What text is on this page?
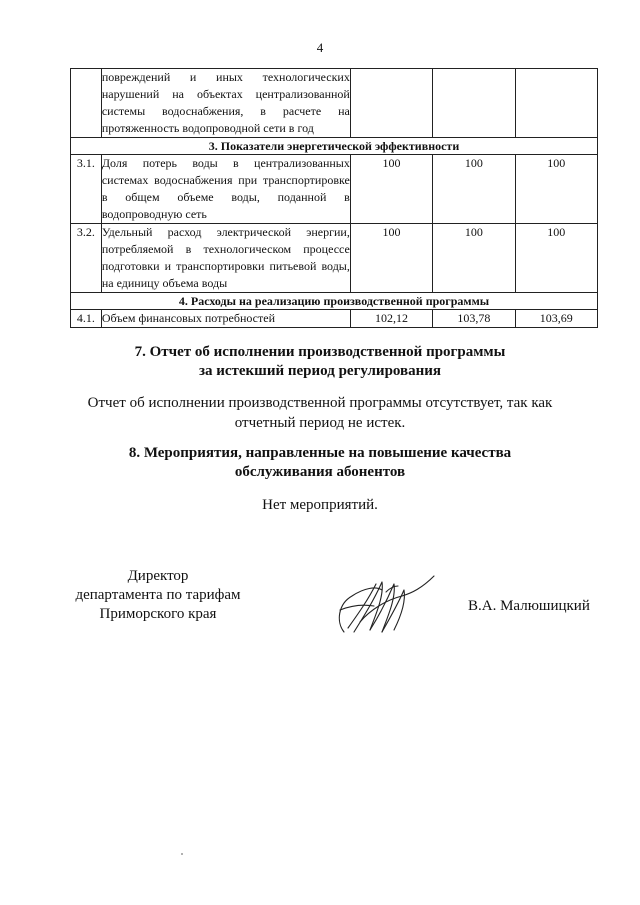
4
	повреждений и иных технологических нарушений на объектах централизованной системы водоснабжения, в расчете на протяженность водопроводной сети в год			
3. Показатели энергетической эффективности				
3.1.	Доля потерь воды в централизованных системах водоснабжения при транспортировке в общем объеме воды, поданной в водопроводную сеть	100	100	100
3.2.	Удельный расход электрической энергии, потребляемой в технологическом процессе подготовки и транспортировки питьевой воды, на единицу объема воды	100	100	100
4. Расходы на реализацию производственной программы				
4.1.	Объем финансовых потребностей	102,12	103,78	103,69
7. Отчет об исполнении производственной программы
за истекший период регулирования
Отчет об исполнении производственной программы отсутствует, так как
отчетный период не истек.
8. Мероприятия, направленные на повышение качества
обслуживания абонентов
Нет мероприятий.
Директор
департамента по тарифам
Приморского края	В.А. Малюшицкий
